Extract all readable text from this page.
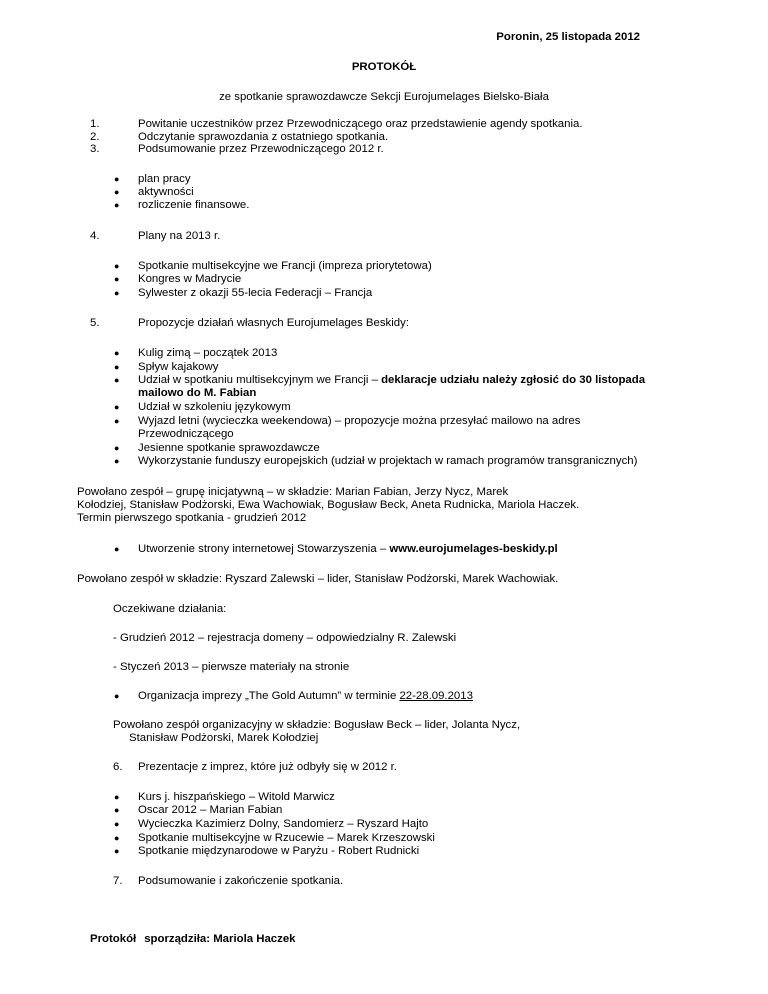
Poronin, 25 listopada 2012
PROTOKÓŁ
ze spotkanie sprawozdawcze Sekcji Eurojumelages Bielsko-Biała
1.	Powitanie uczestników przez Przewodniczącego oraz przedstawienie agendy spotkania.
2.	Odczytanie sprawozdania z ostatniego spotkania.
3.	Podsumowanie przez Przewodniczącego 2012 r.
● plan pracy
● aktywności
● rozliczenie finansowe.
4.	Plany na 2013 r.
● Spotkanie multisekcyjne we Francji (impreza priorytetowa)
● Kongres w Madrycie
● Sylwester z okazji 55-lecia Federacji – Francja
5.	Propozycje działań własnych Eurojumelages Beskidy:
● Kulig zimą – początek 2013
● Spływ kajakowy
● Udział w spotkaniu multisekcyjnym we Francji – deklaracje udziału należy zgłosić do 30 listopada
mailowo do M. Fabian
● Udział w szkoleniu językowym
● Wyjazd letni (wycieczka weekendowa) – propozycje można przesyłać mailowo na adres
Przewodniczącego
● Jesienne spotkanie sprawozdawcze
● Wykorzystanie funduszy europejskich (udział w projektach w ramach programów transgranicznych)
Powołano zespół – grupę inicjatywną – w składzie: Marian Fabian, Jerzy Nycz, Marek
Kołodziej, Stanisław Podżorski, Ewa Wachowiak, Bogusław Beck, Aneta Rudnicka, Mariola Haczek.
Termin pierwszego spotkania - grudzień 2012
● Utworzenie strony internetowej Stowarzyszenia – www.eurojumelages-beskidy.pl
Powołano zespół w składzie: Ryszard Zalewski – lider, Stanisław Podżorski, Marek Wachowiak.
Oczekiwane działania:
- Grudzień 2012 – rejestracja domeny – odpowiedzialny R. Zalewski
- Styczeń 2013 – pierwsze materiały na stronie
● Organizacja imprezy „The Gold Autumn” w terminie 22-28.09.2013
Powołano zespół organizacyjny w składzie: Bogusław Beck – lider, Jolanta Nycz,
Stanisław Podżorski, Marek Kołodziej
6. Prezentacje z imprez, które już odbyły się w 2012 r.
● Kurs j. hiszpańskiego – Witold Marwicz
● Oscar 2012 – Marian Fabian
● Wycieczka Kazimierz Dolny, Sandomierz – Ryszard Hajto
● Spotkanie multisekcyjne w Rzucewie – Marek Krzeszowski
● Spotkanie międzynarodowe w Paryżu - Robert Rudnicki
7. Podsumowanie i zakończenie spotkania.
Protokół sporządziła: Mariola Haczek
